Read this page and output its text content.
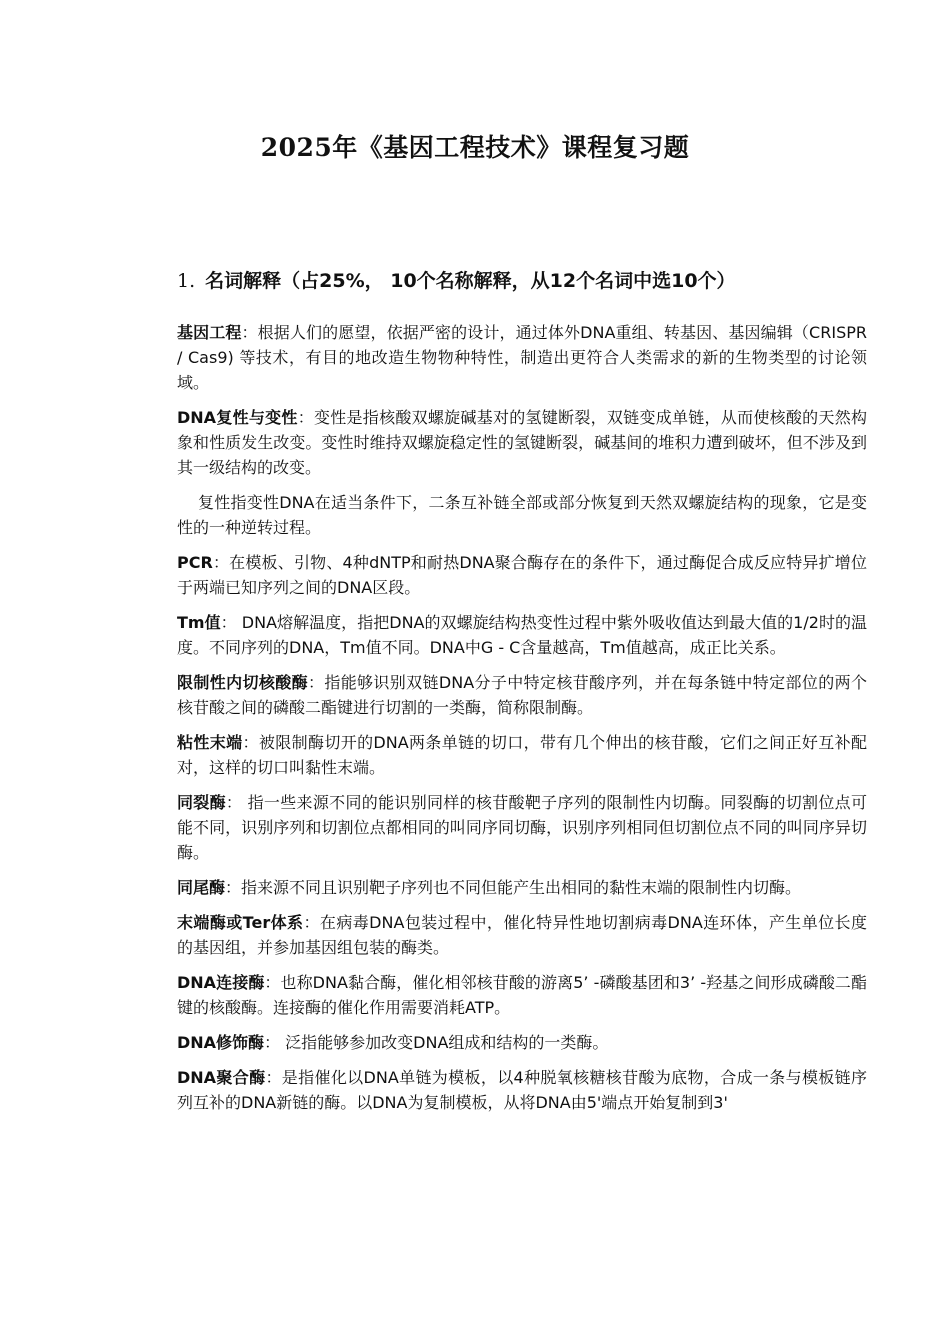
2025年《基因工程技术》课程复习题
1. 名词解释（占25%， 10个名称解释，从12个名词中选10个）

基因工程：根据人们的愿望，依据严密的设计，通过体外DNA重组、转基因、基因编辑（CRISPR / Cas9) 等技术，有目的地改造生物物种特性，制造出更符合人类需求的新的生物类型的讨论领域。

DNA复性与变性：变性是指核酸双螺旋碱基对的氢键断裂，双链变成单链，从而使核酸的天然构象和性质发生改变。变性时维持双螺旋稳定性的氢键断裂，碱基间的堆积力遭到破坏，但不涉及到其一级结构的改变。

复性指变性DNA在适当条件下，二条互补链全部或部分恢复到天然双螺旋结构的现象，它是变性的一种逆转过程。

PCR：在模板、引物、4种dNTP和耐热DNA聚合酶存在的条件下，通过酶促合成反应特异扩增位于两端已知序列之间的DNA区段。

Tm值： DNA熔解温度，指把DNA的双螺旋结构热变性过程中紫外吸收值达到最大值的1/2时的温度。不同序列的DNA，Tm值不同。DNA中G - C含量越高，Tm值越高，成正比关系。

限制性内切核酸酶：指能够识别双链DNA分子中特定核苷酸序列，并在每条链中特定部位的两个核苷酸之间的磷酸二酯键进行切割的一类酶，简称限制酶。

粘性末端：被限制酶切开的DNA两条单链的切口，带有几个伸出的核苷酸，它们之间正好互补配对，这样的切口叫黏性末端。

同裂酶： 指一些来源不同的能识别同样的核苷酸靶子序列的限制性内切酶。同裂酶的切割位点可能不同，识别序列和切割位点都相同的叫同序同切酶，识别序列相同但切割位点不同的叫同序异切酶。

同尾酶：指来源不同且识别靶子序列也不同但能产生出相同的黏性末端的限制性内切酶。

末端酶或Ter体系：在病毒DNA包装过程中，催化特异性地切割病毒DNA连环体，产生单位长度的基因组，并参加基因组包装的酶类。

DNA连接酶：也称DNA黏合酶，催化相邻核苷酸的游离5’ -磷酸基团和3’ -羟基之间形成磷酸二酯键的核酸酶。连接酶的催化作用需要消耗ATP。

DNA修饰酶： 泛指能够参加改变DNA组成和结构的一类酶。

DNA聚合酶：是指催化以DNA单链为模板，以4种脱氧核糖核苷酸为底物，合成一条与模板链序列互补的DNA新链的酶。以DNA为复制模板，从将DNA由5'端点开始复制到3'
